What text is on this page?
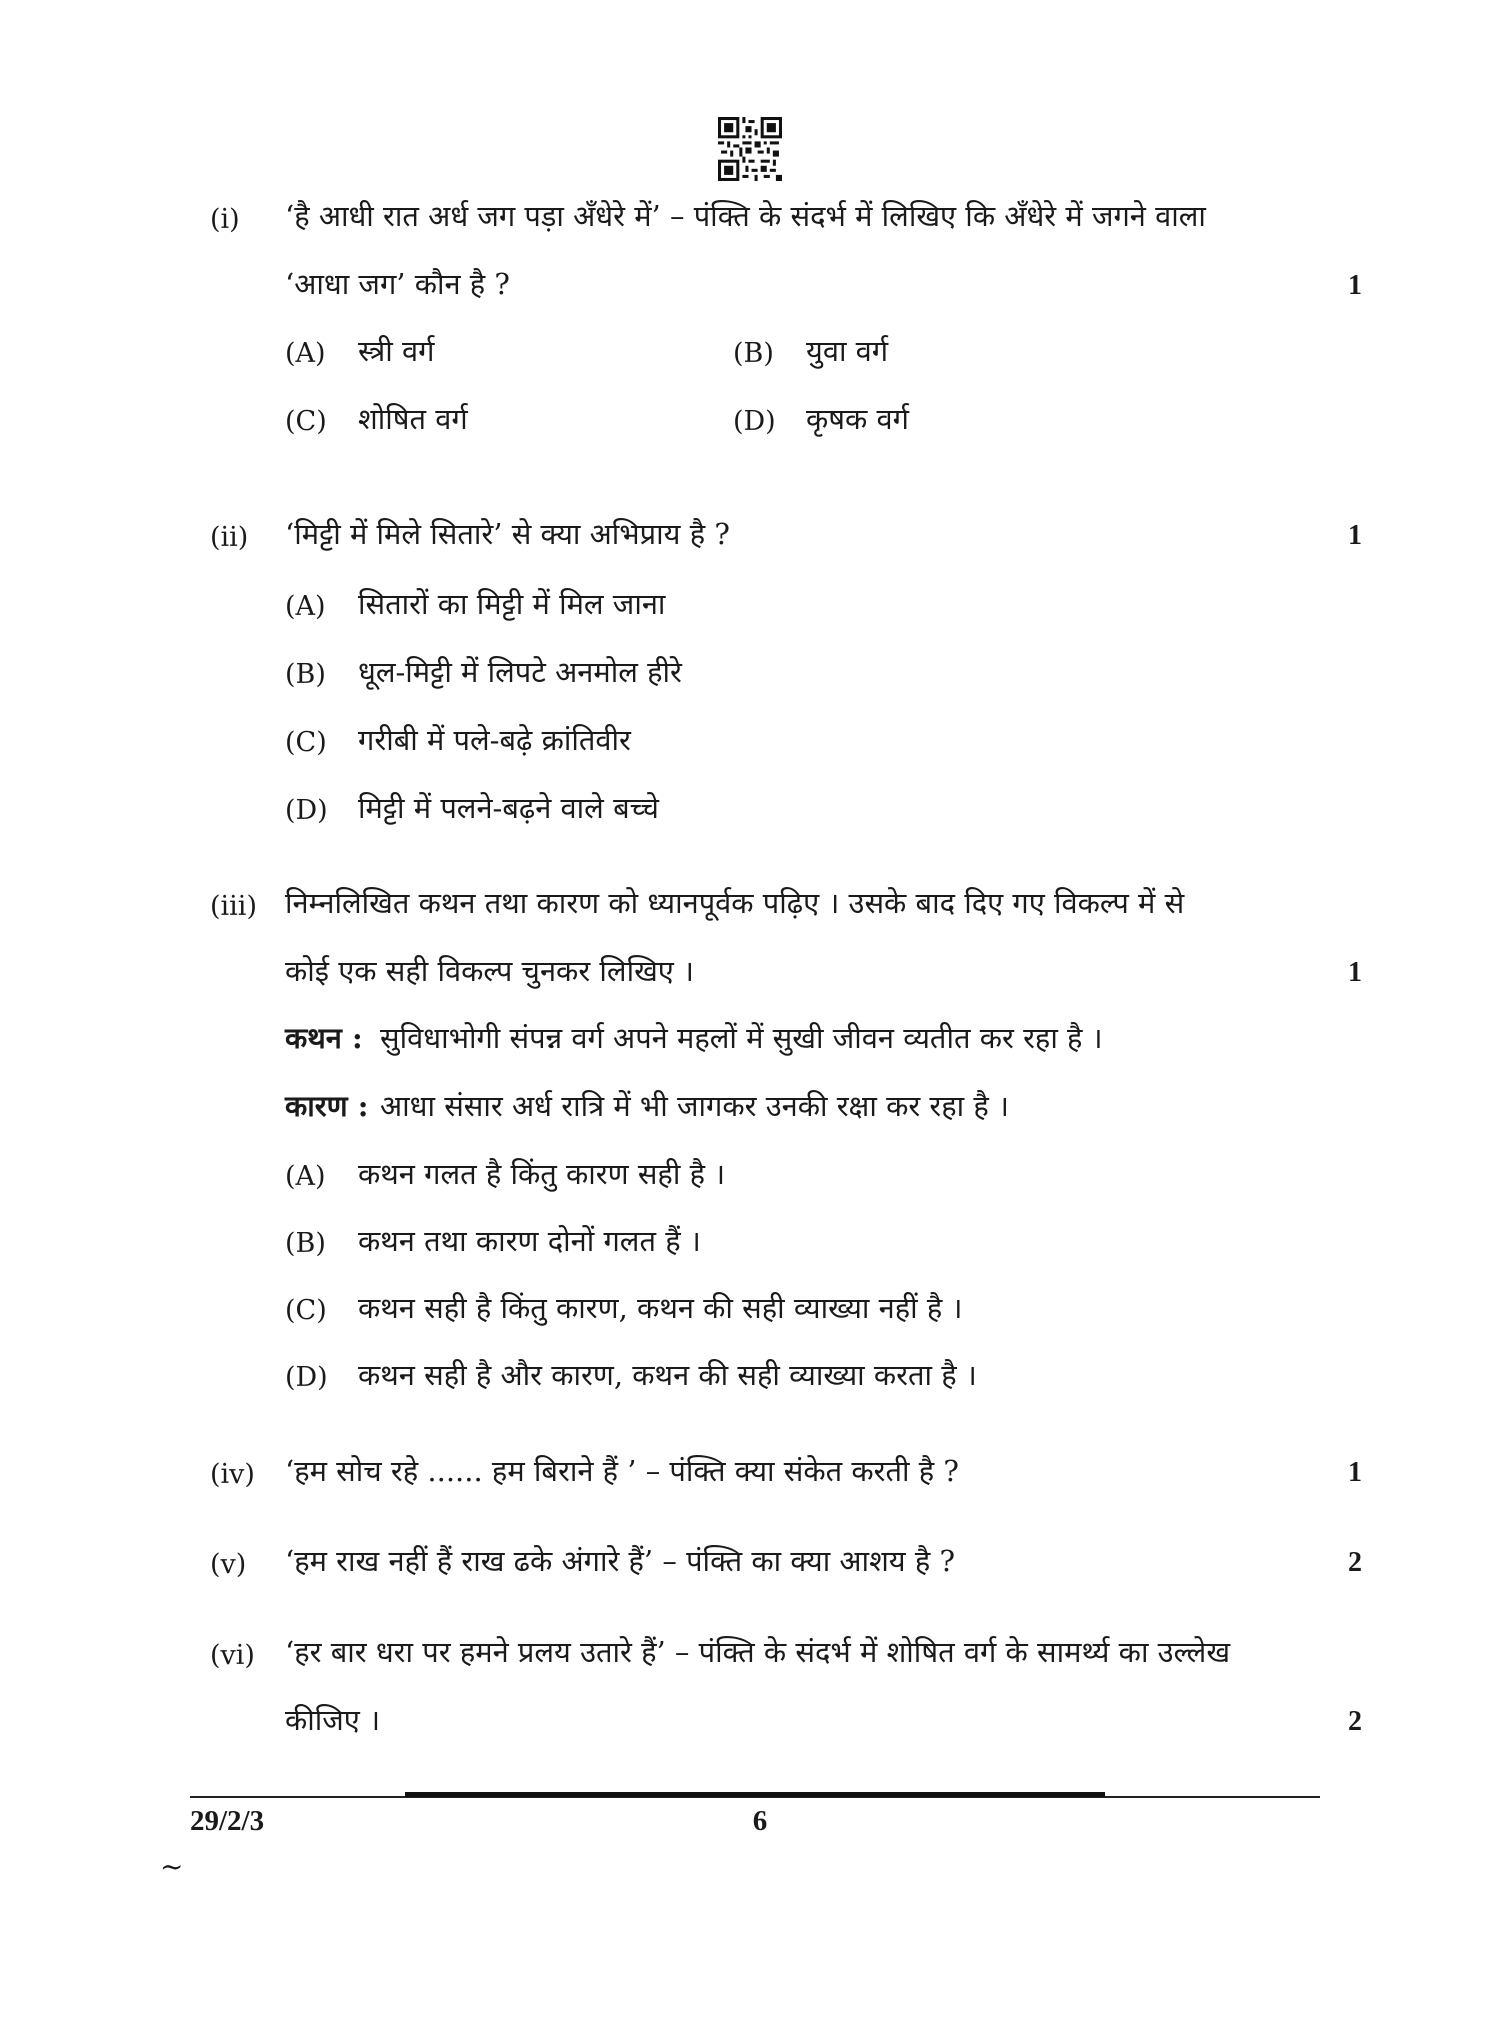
(i) ‘है आधी रात अर्ध जग पड़ा अँधेरे में’ – पंक्ति के संदर्भ में लिखिए कि अँधेरे में जगने वाला
‘आधा जग’ कौन है ?	1
(A) स्त्री वर्ग	(B) युवा वर्ग
(C) शोषित वर्ग	(D) कृषक वर्ग
(ii) ‘मिट्टी में मिले सितारे’ से क्या अभिप्राय है ?	1
(A) सितारों का मिट्टी में मिल जाना
(B) धूल-मिट्टी में लिपटे अनमोल हीरे
(C) गरीबी में पले-बढ़े क्रांतिवीर
(D) मिट्टी में पलने-बढ़ने वाले बच्चे
(iii) निम्नलिखित कथन तथा कारण को ध्यानपूर्वक पढ़िए । उसके बाद दिए गए विकल्प में से
कोई एक सही विकल्प चुनकर लिखिए ।	1
कथन : सुविधाभोगी संपन्न वर्ग अपने महलों में सुखी जीवन व्यतीत कर रहा है ।
कारण : आधा संसार अर्ध रात्रि में भी जागकर उनकी रक्षा कर रहा है ।
(A) कथन गलत है किंतु कारण सही है ।
(B) कथन तथा कारण दोनों गलत हैं ।
(C) कथन सही है किंतु कारण, कथन की सही व्याख्या नहीं है ।
(D) कथन सही है और कारण, कथन की सही व्याख्या करता है ।
(iv) ‘हम सोच रहे ...... हम बिराने हैं ’ – पंक्ति क्या संकेत करती है ?	1
(v) ‘हम राख नहीं हैं राख ढके अंगारे हैं’ – पंक्ति का क्या आशय है ?	2
(vi) ‘हर बार धरा पर हमने प्रलय उतारे हैं’ – पंक्ति के संदर्भ में शोषित वर्ग के सामर्थ्य का उल्लेख
कीजिए ।	2
29/2/3	6
~
